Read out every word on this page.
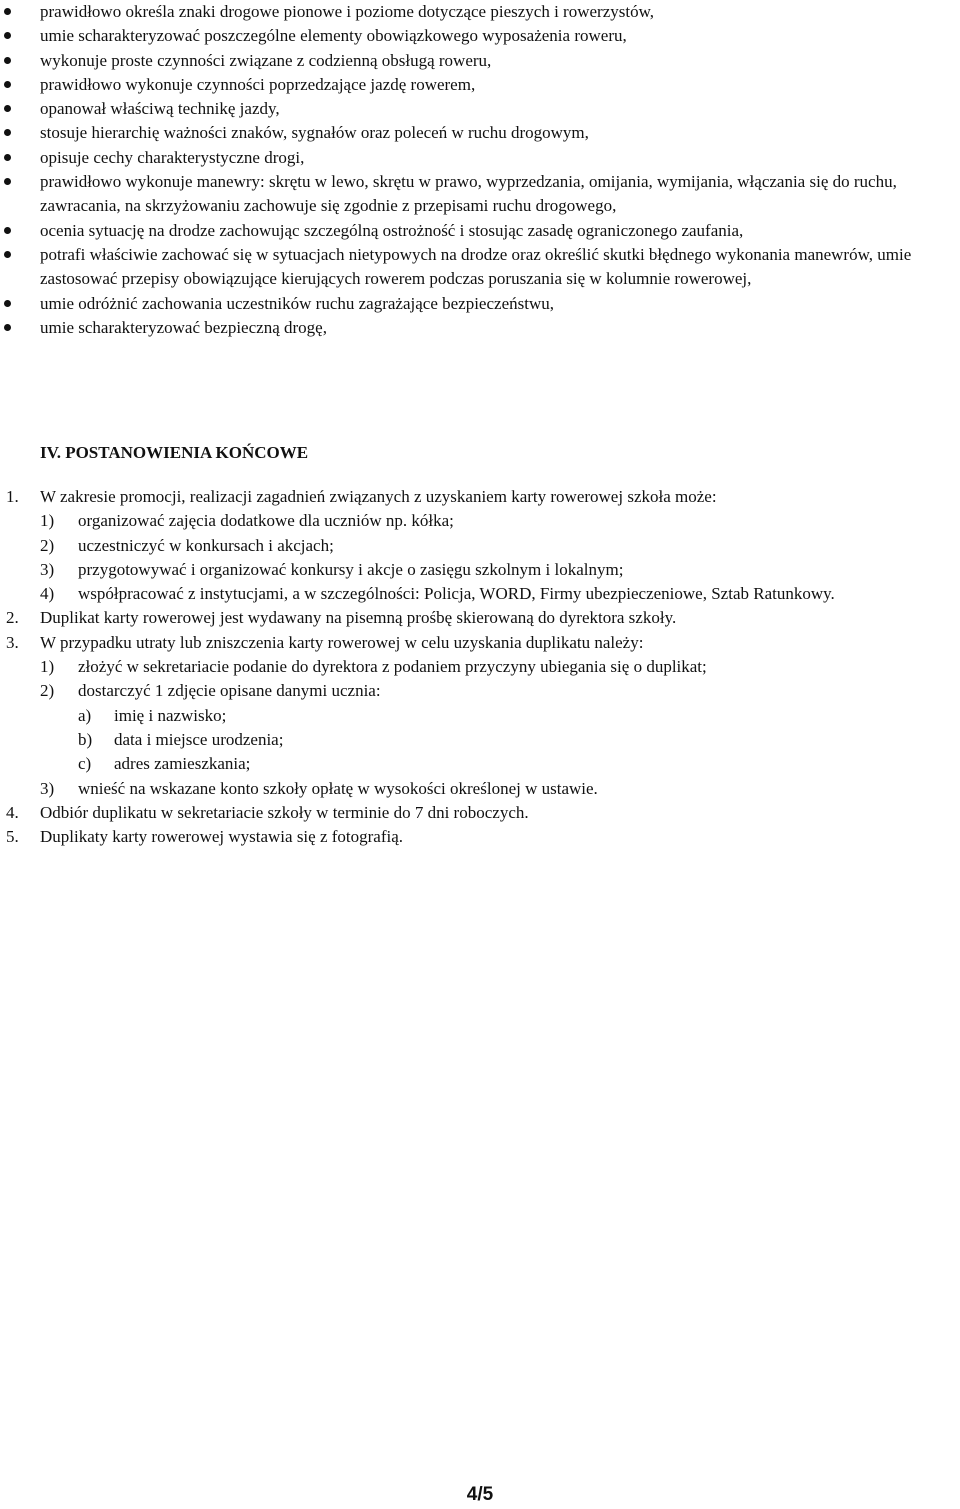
prawidłowo określa znaki drogowe pionowe i poziome dotyczące pieszych i rowerzystów,
umie scharakteryzować poszczególne elementy obowiązkowego wyposażenia roweru,
wykonuje proste czynności związane z codzienną obsługą roweru,
prawidłowo wykonuje czynności poprzedzające jazdę rowerem,
opanował właściwą technikę jazdy,
stosuje hierarchię ważności znaków, sygnałów oraz poleceń w ruchu drogowym,
opisuje cechy charakterystyczne drogi,
prawidłowo wykonuje manewry: skrętu w lewo, skrętu w prawo, wyprzedzania, omijania, wymijania, włączania się do ruchu, zawracania, na skrzyżowaniu zachowuje się zgodnie z przepisami ruchu drogowego,
ocenia sytuację na drodze zachowując szczególną ostrożność i stosując zasadę ograniczonego zaufania,
potrafi właściwie zachować się w sytuacjach nietypowych na drodze oraz określić skutki błędnego wykonania manewrów, umie zastosować przepisy obowiązujące kierujących rowerem podczas poruszania się w kolumnie rowerowej,
umie odróżnić zachowania uczestników ruchu zagrażające bezpieczeństwu,
umie scharakteryzować bezpieczną drogę,
IV. POSTANOWIENIA KOŃCOWE
1.	W zakresie promocji, realizacji zagadnień związanych z uzyskaniem karty rowerowej szkoła może:
1)	organizować zajęcia dodatkowe dla uczniów np. kółka;
2)	uczestniczyć w konkursach i akcjach;
3)	przygotowywać i organizować konkursy i akcje o zasięgu szkolnym i lokalnym;
4)	współpracować z instytucjami, a w szczególności: Policja, WORD, Firmy ubezpieczeniowe, Sztab Ratunkowy.
2.	Duplikat karty rowerowej jest wydawany na pisemną prośbę skierowaną do dyrektora szkoły.
3.	W przypadku utraty lub zniszczenia karty rowerowej w celu uzyskania duplikatu należy:
1)	złożyć w sekretariacie podanie do dyrektora z podaniem przyczyny ubiegania się o duplikat;
2)	dostarczyć 1 zdjęcie opisane danymi ucznia:
a)	imię i nazwisko;
b)	data i miejsce urodzenia;
c)	adres zamieszkania;
3)	wnieść na wskazane konto szkoły opłatę w wysokości określonej w ustawie.
4.	Odbiór duplikatu w sekretariacie szkoły w terminie do 7 dni roboczych.
5.	Duplikaty karty rowerowej wystawia się z fotografią.
4/5
